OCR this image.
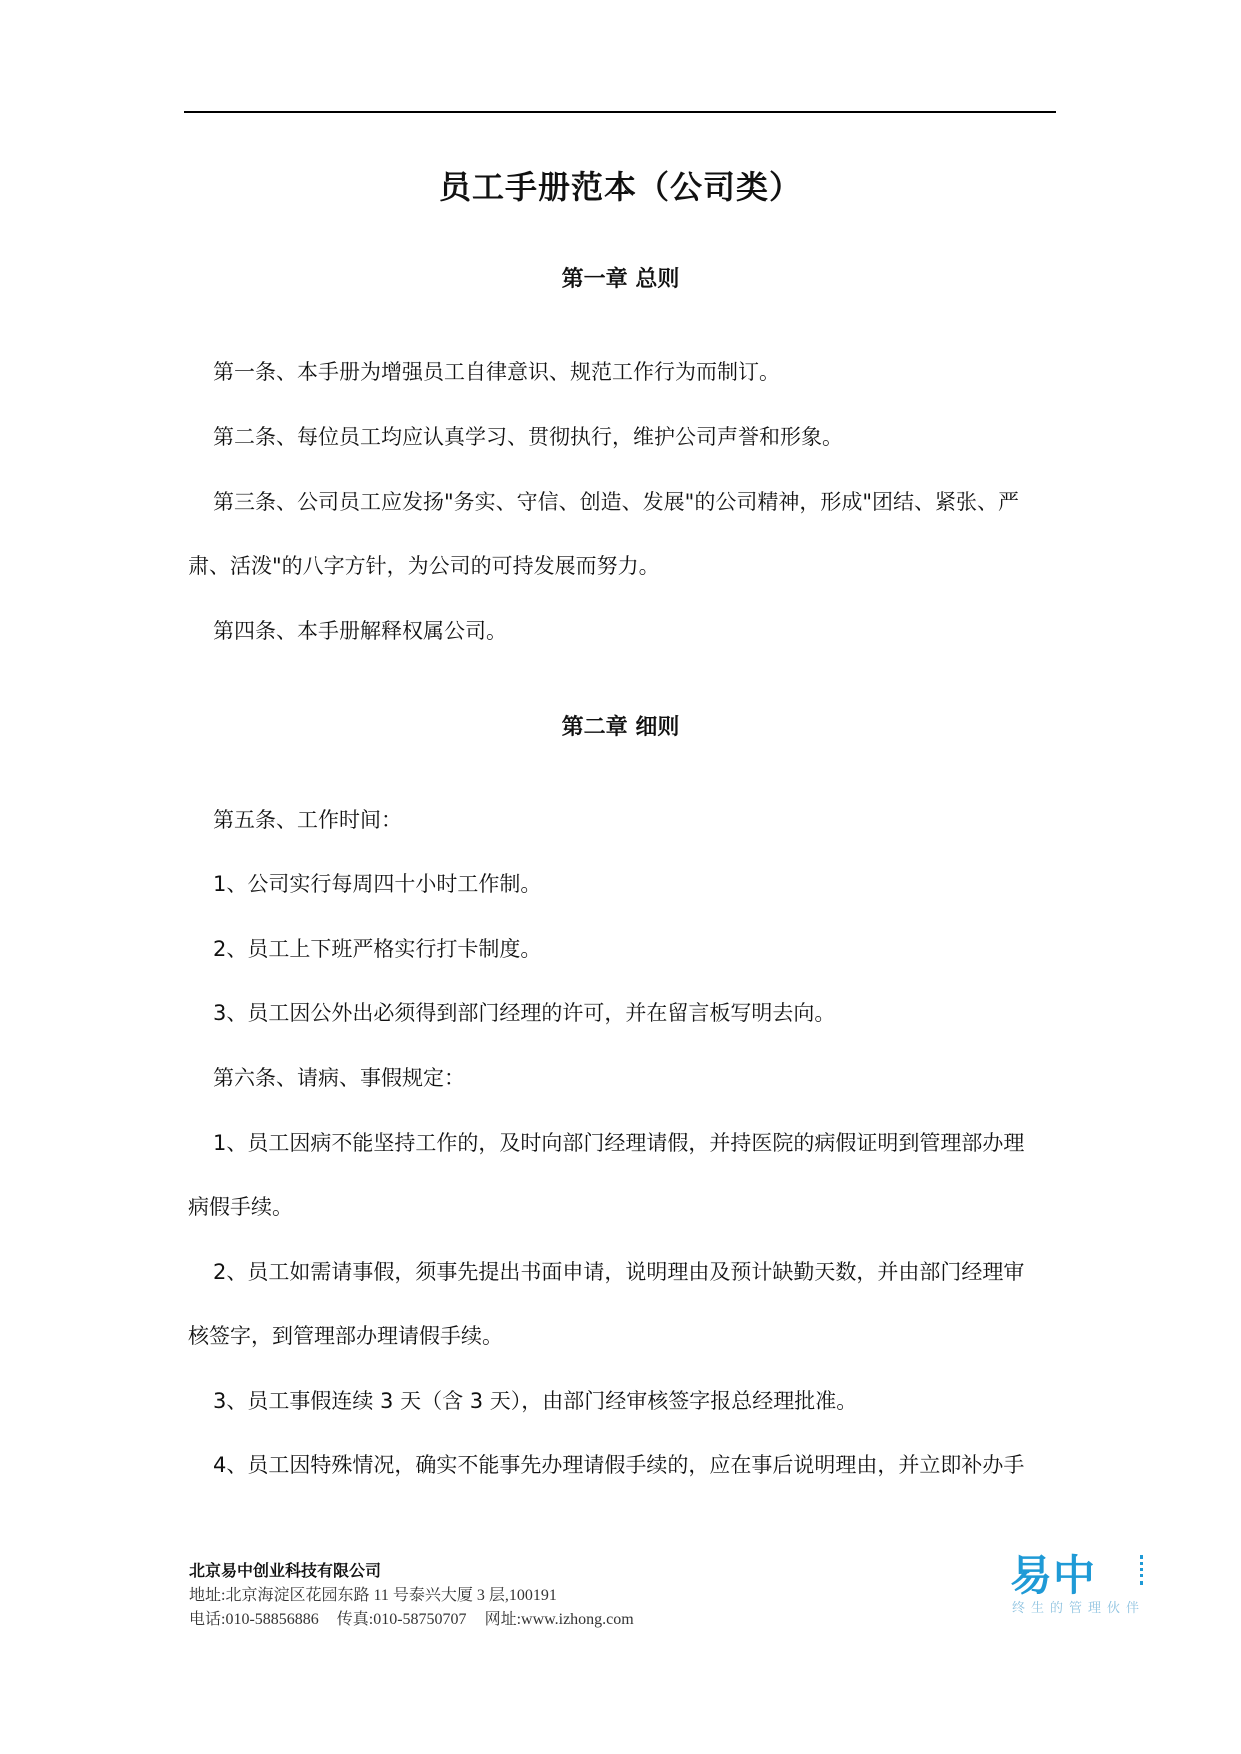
员工手册范本（公司类）
第一章 总则

第一条、本手册为增强员工自律意识、规范工作行为而制订。

第二条、每位员工均应认真学习、贯彻执行，维护公司声誉和形象。

第三条、公司员工应发扬"务实、守信、创造、发展"的公司精神，形成"团结、紧张、严

肃、活泼"的八字方针，为公司的可持发展而努力。

第四条、本手册解释权属公司。

第二章 细则

第五条、工作时间：

1、公司实行每周四十小时工作制。

2、员工上下班严格实行打卡制度。

3、员工因公外出必须得到部门经理的许可，并在留言板写明去向。

第六条、请病、事假规定：

1、员工因病不能坚持工作的，及时向部门经理请假，并持医院的病假证明到管理部办理

病假手续。

2、员工如需请事假，须事先提出书面申请，说明理由及预计缺勤天数，并由部门经理审

核签字，到管理部办理请假手续。

3、员工事假连续 3 天（含 3 天），由部门经审核签字报总经理批准。

4、员工因特殊情况，确实不能事先办理请假手续的，应在事后说明理由，并立即补办手

北京易中创业科技有限公司
地址:北京海淀区花园东路 11 号泰兴大厦 3 层,100191
电话:010-58856886 传真:010-58750707 网址:www.izhong.com
易中
终生的管理伙伴
